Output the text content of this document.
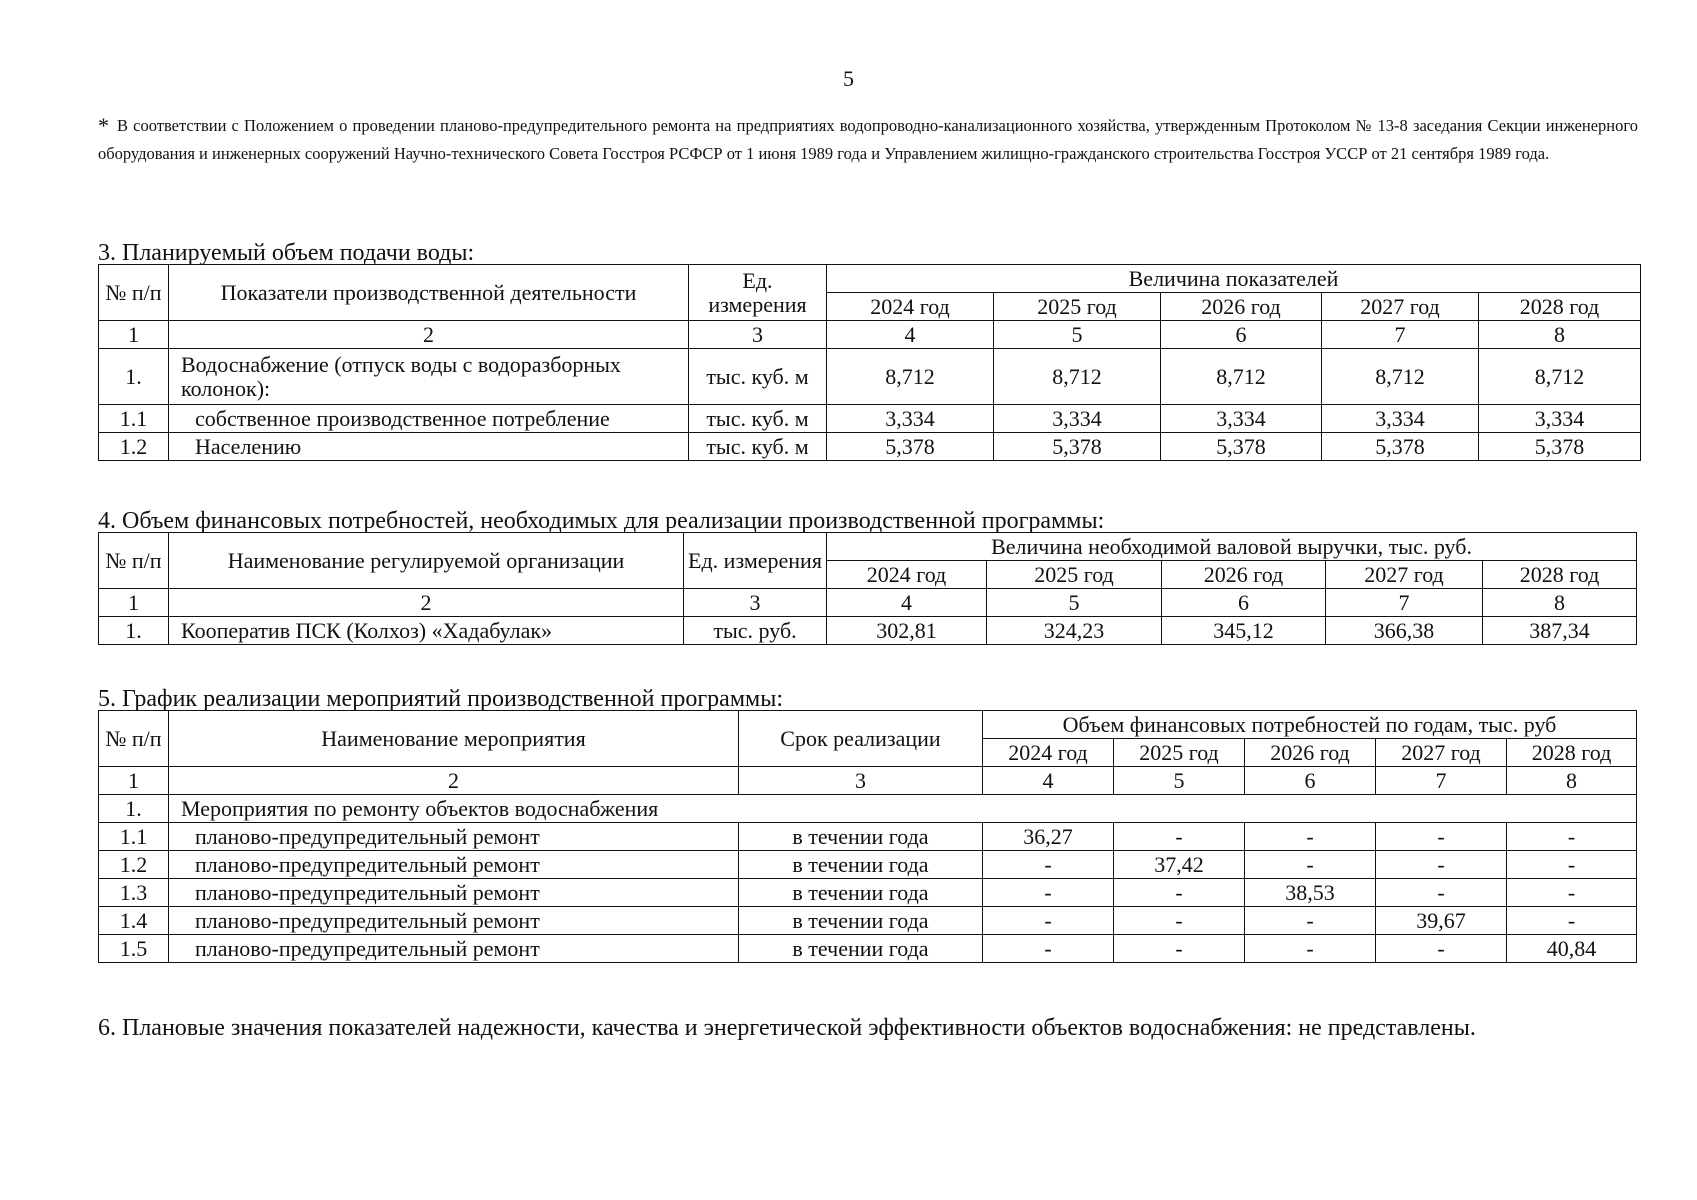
5
* В соответствии с Положением о проведении планово-предупредительного ремонта на предприятиях водопроводно-канализационного хозяйства, утвержденным Протоколом № 13-8 заседания Секции инженерного оборудования и инженерных сооружений Научно-технического Совета Госстроя РСФСР от 1 июня 1989 года и Управлением жилищно-гражданского строительства Госстроя УССР от 21 сентября 1989 года.
3. Планируемый объем подачи воды:
№ п/п	Показатели производственной деятельности	Ед. измерения	Величина показателей				
			2024 год	2025 год	2026 год	2027 год	2028 год
1	2	3	4	5	6	7	8
1.	Водоснабжение (отпуск воды с водоразборных колонок):	тыс. куб. м	8,712	8,712	8,712	8,712	8,712
1.1	собственное производственное потребление	тыс. куб. м	3,334	3,334	3,334	3,334	3,334
1.2	Населению	тыс. куб. м	5,378	5,378	5,378	5,378	5,378
4. Объем финансовых потребностей, необходимых для реализации производственной программы:
№ п/п	Наименование регулируемой организации	Ед. измерения	Величина необходимой валовой выручки, тыс. руб.				
			2024 год	2025 год	2026 год	2027 год	2028 год
1	2	3	4	5	6	7	8
1.	Кооператив ПСК (Колхоз) «Хадабулак»	тыс. руб.	302,81	324,23	345,12	366,38	387,34
5. График реализации мероприятий производственной программы:
№ п/п	Наименование мероприятия	Срок реализации	Объем финансовых потребностей по годам, тыс. руб				
			2024 год	2025 год	2026 год	2027 год	2028 год
1	2	3	4	5	6	7	8
1.	Мероприятия по ремонту объектов водоснабжения						
1.1	планово-предупредительный ремонт	в течении года	36,27	-	-	-	-
1.2	планово-предупредительный ремонт	в течении года	-	37,42	-	-	-
1.3	планово-предупредительный ремонт	в течении года	-	-	38,53	-	-
1.4	планово-предупредительный ремонт	в течении года	-	-	-	39,67	-
1.5	планово-предупредительный ремонт	в течении года	-	-	-	-	40,84
6. Плановые значения показателей надежности, качества и энергетической эффективности объектов водоснабжения: не представлены.
